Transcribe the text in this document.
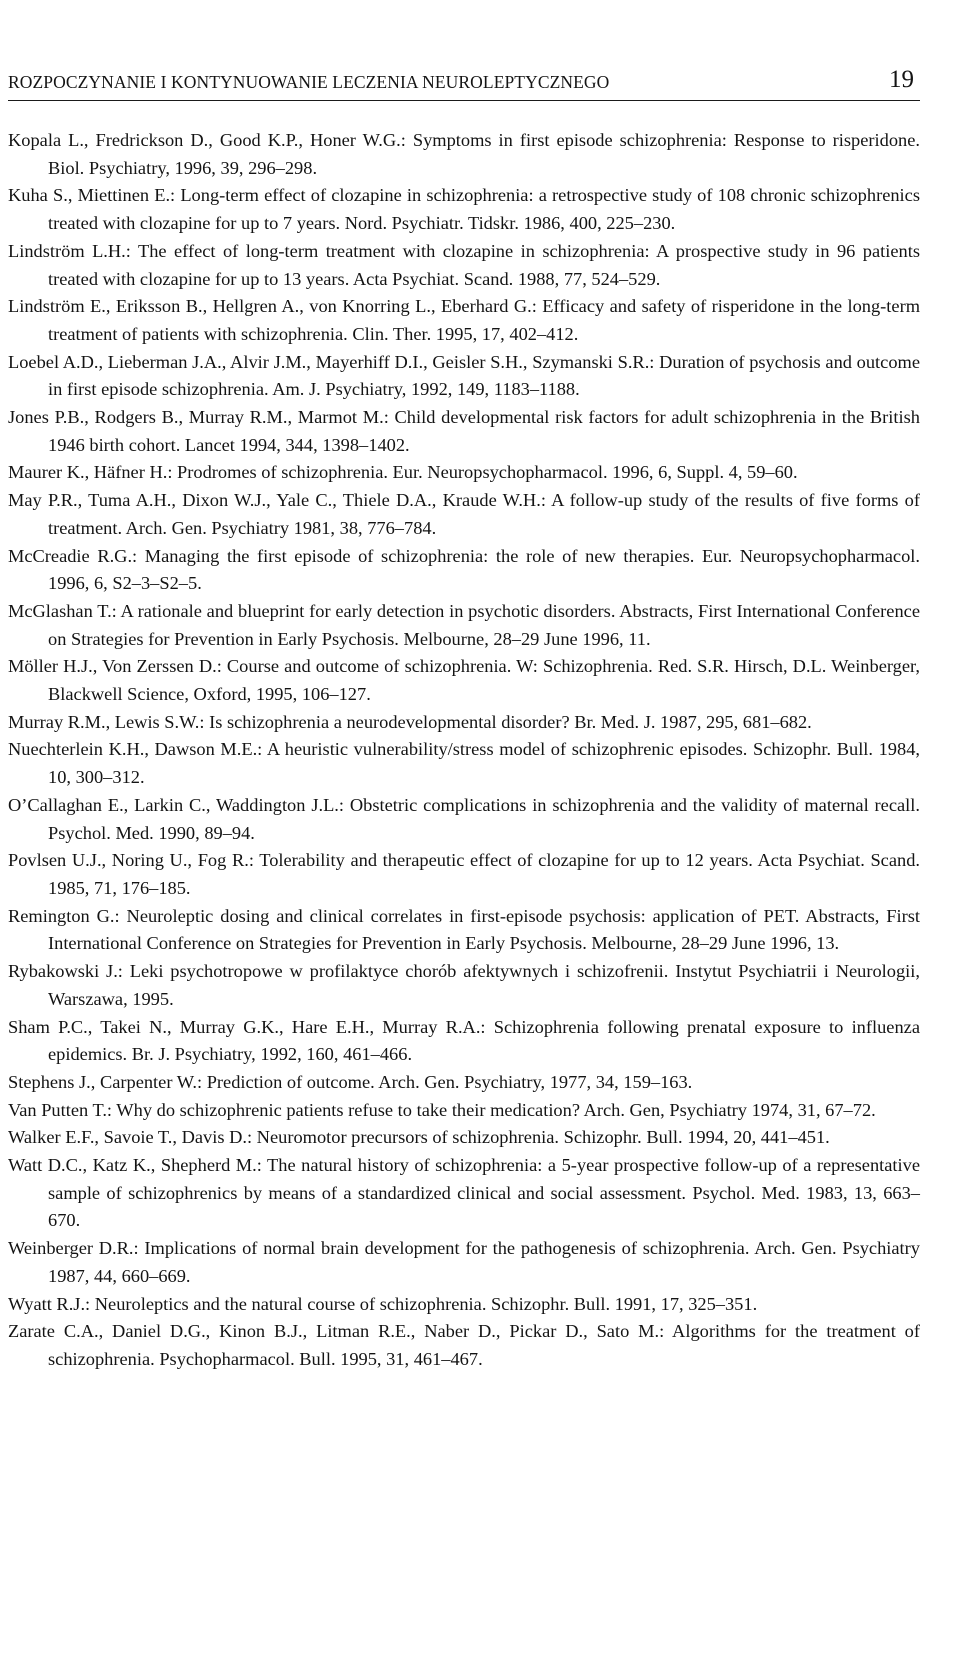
ROZPOCZYNANIE I KONTYNUOWANIE LECZENIA NEUROLEPTYCZNEGO	19
Kopala L., Fredrickson D., Good K.P., Honer W.G.: Symptoms in first episode schizophrenia: Response to risperidone. Biol. Psychiatry, 1996, 39, 296–298.
Kuha S., Miettinen E.: Long-term effect of clozapine in schizophrenia: a retrospective study of 108 chronic schizophrenics treated with clozapine for up to 7 years. Nord. Psychiatr. Tidskr. 1986, 400, 225–230.
Lindström L.H.: The effect of long-term treatment with clozapine in schizophrenia: A prospective study in 96 patients treated with clozapine for up to 13 years. Acta Psychiat. Scand. 1988, 77, 524–529.
Lindström E., Eriksson B., Hellgren A., von Knorring L., Eberhard G.: Efficacy and safety of risperidone in the long-term treatment of patients with schizophrenia. Clin. Ther. 1995, 17, 402–412.
Loebel A.D., Lieberman J.A., Alvir J.M., Mayerhiff D.I., Geisler S.H., Szymanski S.R.: Duration of psychosis and outcome in first episode schizophrenia. Am. J. Psychiatry, 1992, 149, 1183–1188.
Jones P.B., Rodgers B., Murray R.M., Marmot M.: Child developmental risk factors for adult schizophrenia in the British 1946 birth cohort. Lancet 1994, 344, 1398–1402.
Maurer K., Häfner H.: Prodromes of schizophrenia. Eur. Neuropsychopharmacol. 1996, 6, Suppl. 4, 59–60.
May P.R., Tuma A.H., Dixon W.J., Yale C., Thiele D.A., Kraude W.H.: A follow-up study of the results of five forms of treatment. Arch. Gen. Psychiatry 1981, 38, 776–784.
McCreadie R.G.: Managing the first episode of schizophrenia: the role of new therapies. Eur. Neuropsychopharmacol. 1996, 6, S2–3–S2–5.
McGlashan T.: A rationale and blueprint for early detection in psychotic disorders. Abstracts, First International Conference on Strategies for Prevention in Early Psychosis. Melbourne, 28–29 June 1996, 11.
Möller H.J., Von Zerssen D.: Course and outcome of schizophrenia. W: Schizophrenia. Red. S.R. Hirsch, D.L. Weinberger, Blackwell Science, Oxford, 1995, 106–127.
Murray R.M., Lewis S.W.: Is schizophrenia a neurodevelopmental disorder? Br. Med. J. 1987, 295, 681–682.
Nuechterlein K.H., Dawson M.E.: A heuristic vulnerability/stress model of schizophrenic episodes. Schizophr. Bull. 1984, 10, 300–312.
O’Callaghan E., Larkin C., Waddington J.L.: Obstetric complications in schizophrenia and the validity of maternal recall. Psychol. Med. 1990, 89–94.
Povlsen U.J., Noring U., Fog R.: Tolerability and therapeutic effect of clozapine for up to 12 years. Acta Psychiat. Scand. 1985, 71, 176–185.
Remington G.: Neuroleptic dosing and clinical correlates in first-episode psychosis: application of PET. Abstracts, First International Conference on Strategies for Prevention in Early Psychosis. Melbourne, 28–29 June 1996, 13.
Rybakowski J.: Leki psychotropowe w profilaktyce chorób afektywnych i schizofrenii. Instytut Psychiatrii i Neurologii, Warszawa, 1995.
Sham P.C., Takei N., Murray G.K., Hare E.H., Murray R.A.: Schizophrenia following prenatal exposure to influenza epidemics. Br. J. Psychiatry, 1992, 160, 461–466.
Stephens J., Carpenter W.: Prediction of outcome. Arch. Gen. Psychiatry, 1977, 34, 159–163.
Van Putten T.: Why do schizophrenic patients refuse to take their medication? Arch. Gen, Psychiatry 1974, 31, 67–72.
Walker E.F., Savoie T., Davis D.: Neuromotor precursors of schizophrenia. Schizophr. Bull. 1994, 20, 441–451.
Watt D.C., Katz K., Shepherd M.: The natural history of schizophrenia: a 5-year prospective follow-up of a representative sample of schizophrenics by means of a standardized clinical and social assessment. Psychol. Med. 1983, 13, 663–670.
Weinberger D.R.: Implications of normal brain development for the pathogenesis of schizophrenia. Arch. Gen. Psychiatry 1987, 44, 660–669.
Wyatt R.J.: Neuroleptics and the natural course of schizophrenia. Schizophr. Bull. 1991, 17, 325–351.
Zarate C.A., Daniel D.G., Kinon B.J., Litman R.E., Naber D., Pickar D., Sato M.: Algorithms for the treatment of schizophrenia. Psychopharmacol. Bull. 1995, 31, 461–467.
